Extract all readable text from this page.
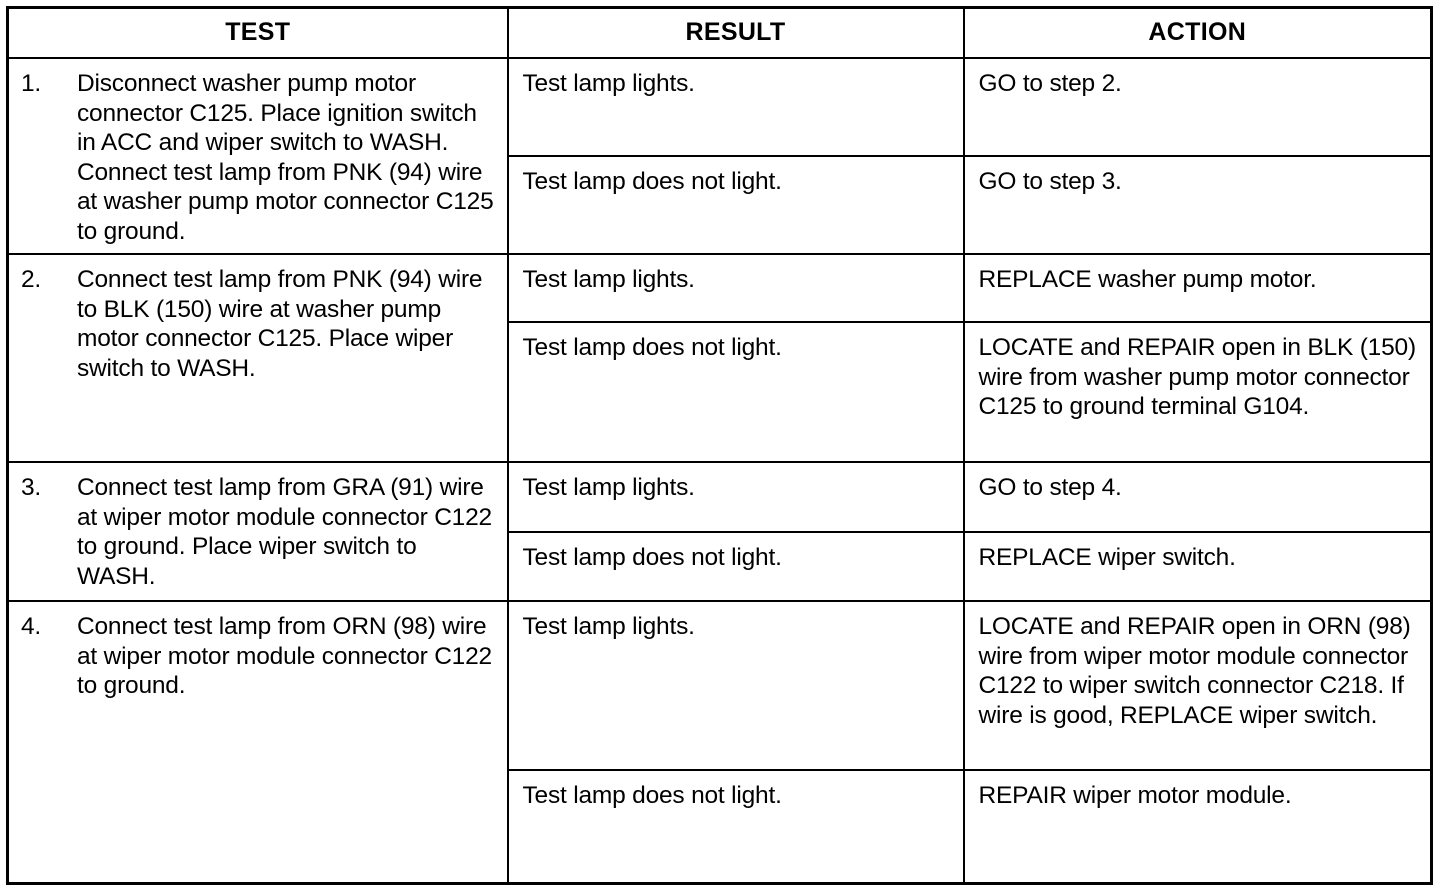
TEST	RESULT	ACTION

1. Disconnect washer pump motor connector C125. Place ignition switch in ACC and wiper switch to WASH. Connect test lamp from PNK (94) wire at washer pump motor connector C125 to ground.	Test lamp lights.	GO to step 2.
	Test lamp does not light.	GO to step 3.

2. Connect test lamp from PNK (94) wire to BLK (150) wire at washer pump motor connector C125. Place wiper switch to WASH.	Test lamp lights.	REPLACE washer pump motor.
	Test lamp does not light.	LOCATE and REPAIR open in BLK (150) wire from washer pump motor connector C125 to ground terminal G104.

3. Connect test lamp from GRA (91) wire at wiper motor module connector C122 to ground. Place wiper switch to WASH.	Test lamp lights.	GO to step 4.
	Test lamp does not light.	REPLACE wiper switch.

4. Connect test lamp from ORN (98) wire at wiper motor module connector C122 to ground.	Test lamp lights.	LOCATE and REPAIR open in ORN (98) wire from wiper motor module connector C122 to wiper switch connector C218. If wire is good, REPLACE wiper switch.
	Test lamp does not light.	REPAIR wiper motor module.
